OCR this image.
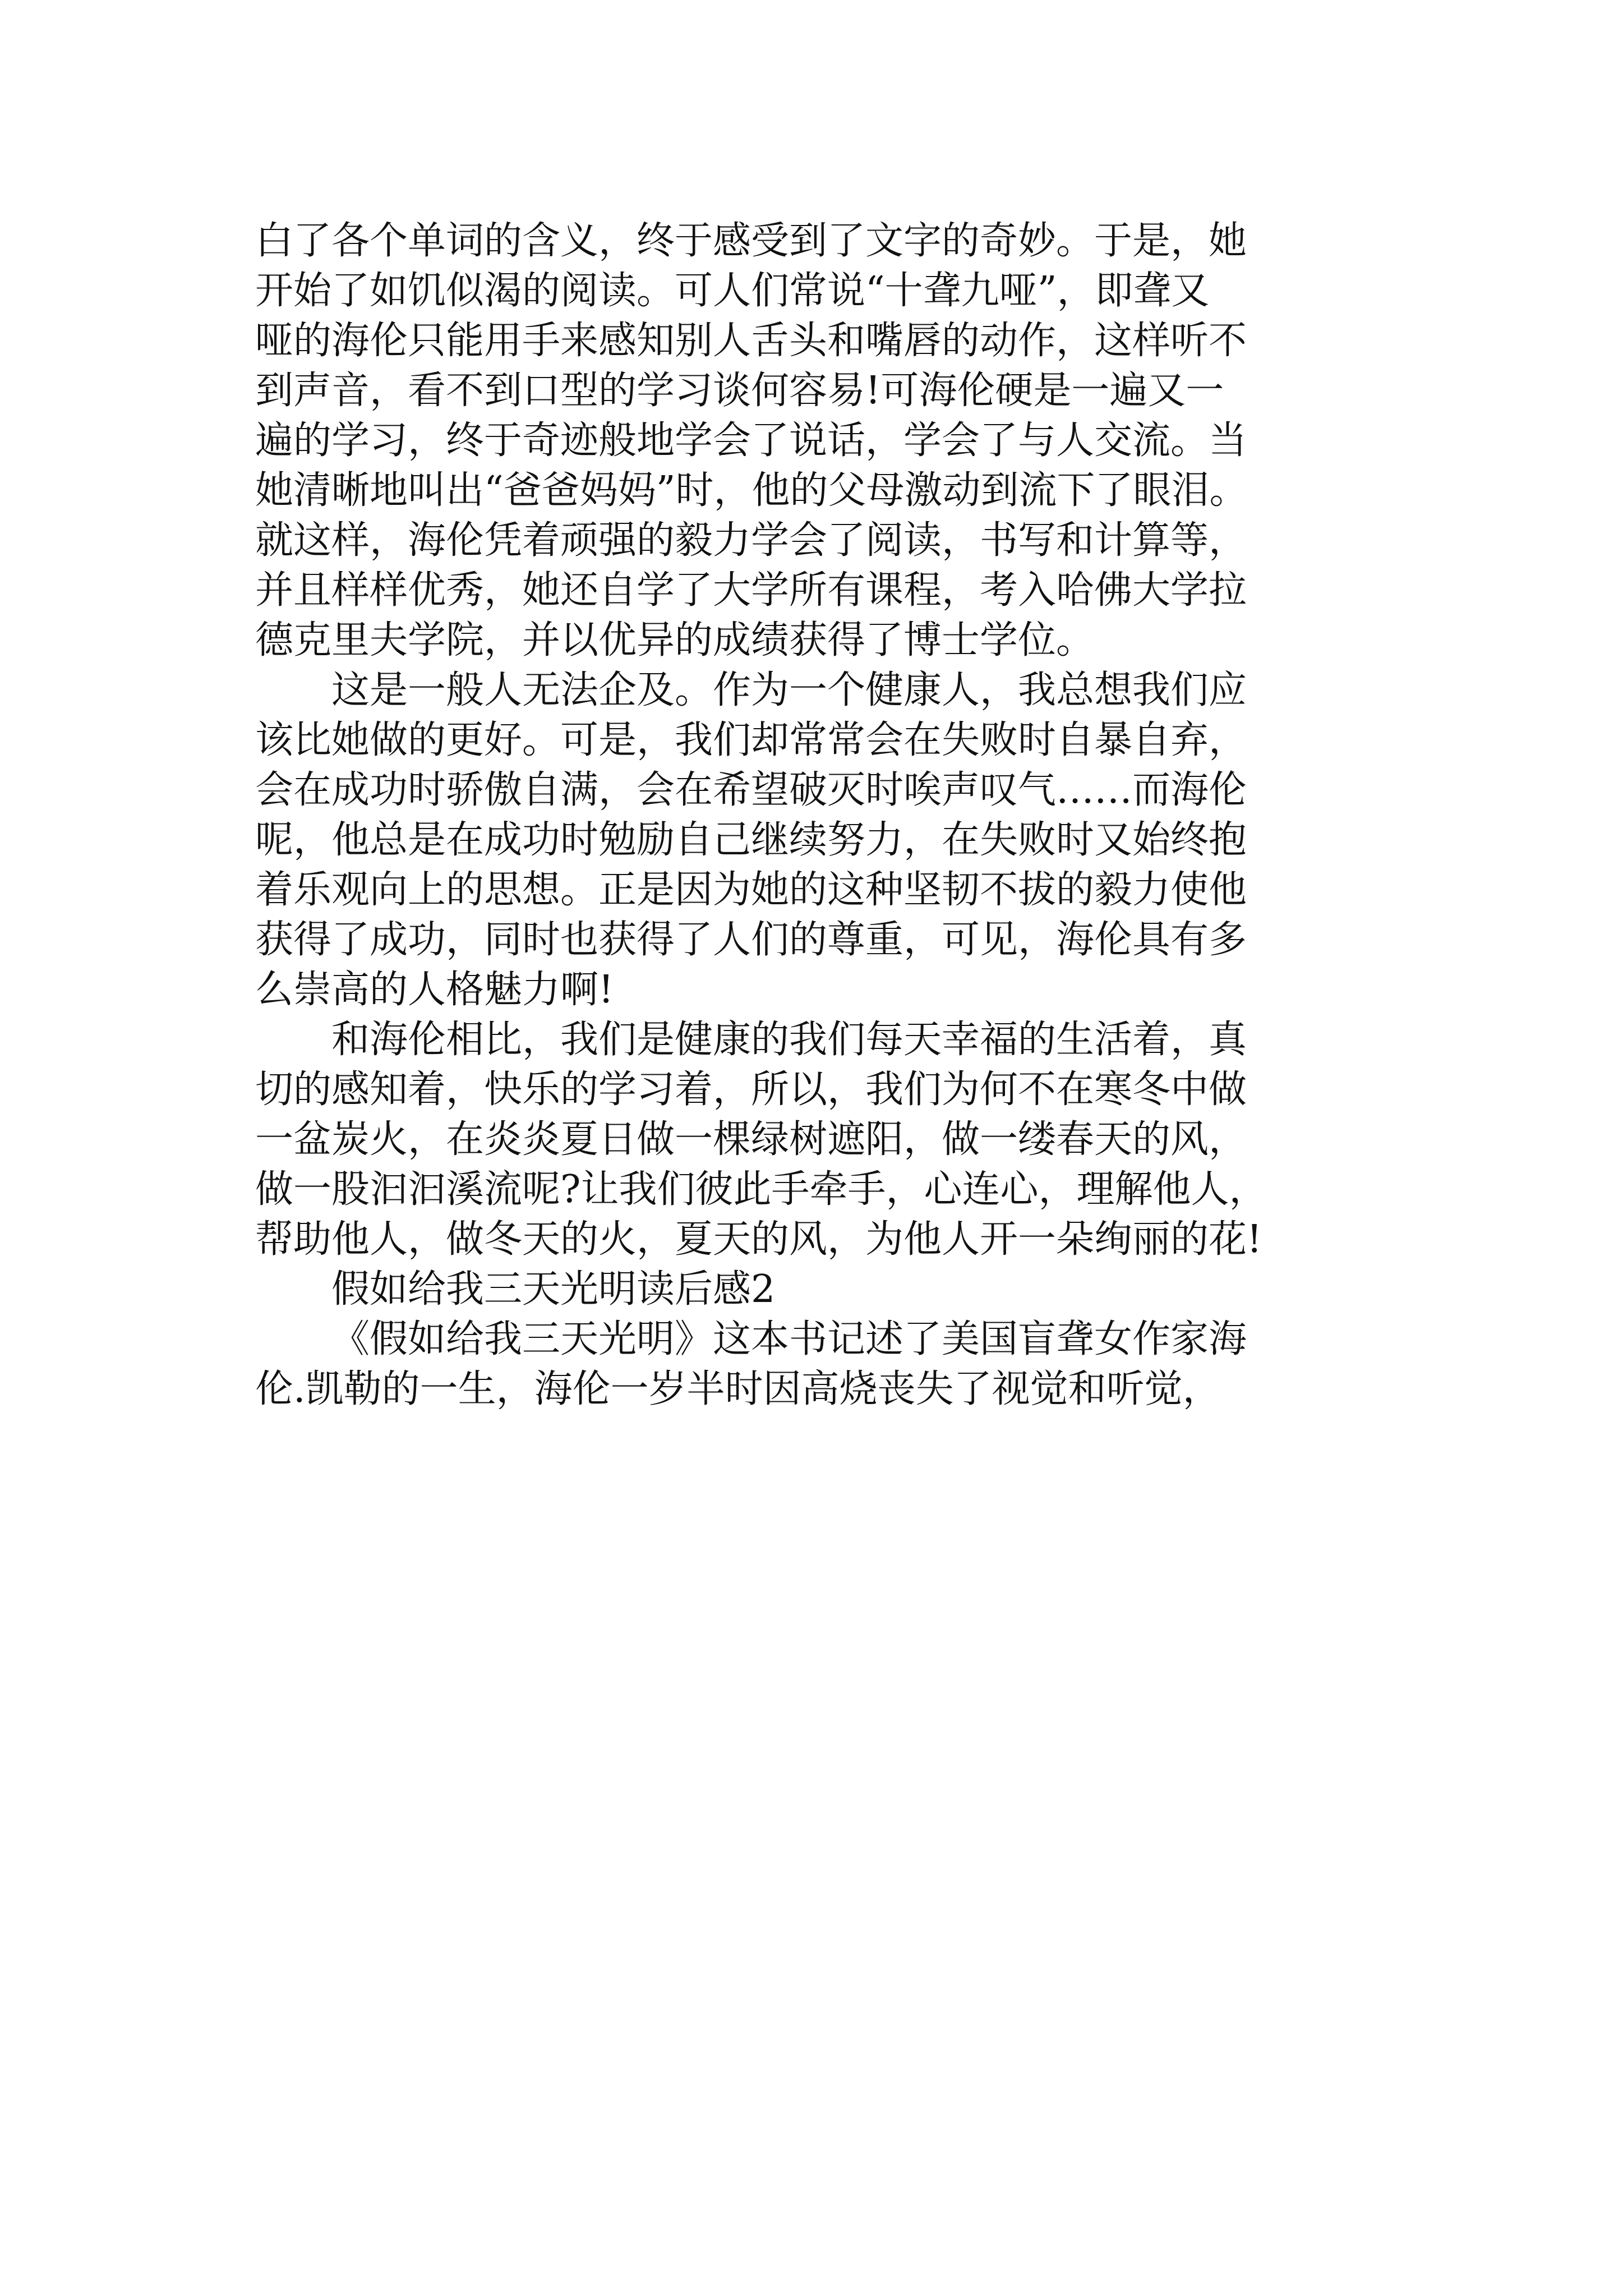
白了各个单词的含义，终于感受到了文字的奇妙。于是，她
开始了如饥似渴的阅读。可人们常说“十聋九哑”，即聋又
哑的海伦只能用手来感知别人舌头和嘴唇的动作，这样听不
到声音，看不到口型的学习谈何容易!可海伦硬是一遍又一
遍的学习，终于奇迹般地学会了说话，学会了与人交流。当
她清晰地叫出“爸爸妈妈”时，他的父母激动到流下了眼泪。
就这样，海伦凭着顽强的毅力学会了阅读，书写和计算等，
并且样样优秀，她还自学了大学所有课程，考入哈佛大学拉
德克里夫学院，并以优异的成绩获得了博士学位。
这是一般人无法企及。作为一个健康人，我总想我们应
该比她做的更好。可是，我们却常常会在失败时自暴自弃，
会在成功时骄傲自满，会在希望破灭时唉声叹气……而海伦
呢，他总是在成功时勉励自己继续努力，在失败时又始终抱
着乐观向上的思想。正是因为她的这种坚韧不拔的毅力使他
获得了成功，同时也获得了人们的尊重，可见，海伦具有多
么崇高的人格魅力啊!
和海伦相比，我们是健康的我们每天幸福的生活着，真
切的感知着，快乐的学习着，所以，我们为何不在寒冬中做
一盆炭火，在炎炎夏日做一棵绿树遮阳，做一缕春天的风，
做一股汩汩溪流呢?让我们彼此手牵手，心连心，理解他人，
帮助他人，做冬天的火，夏天的风，为他人开一朵绚丽的花!
假如给我三天光明读后感2
《假如给我三天光明》这本书记述了美国盲聋女作家海
伦.凯勒的一生，海伦一岁半时因高烧丧失了视觉和听觉，
